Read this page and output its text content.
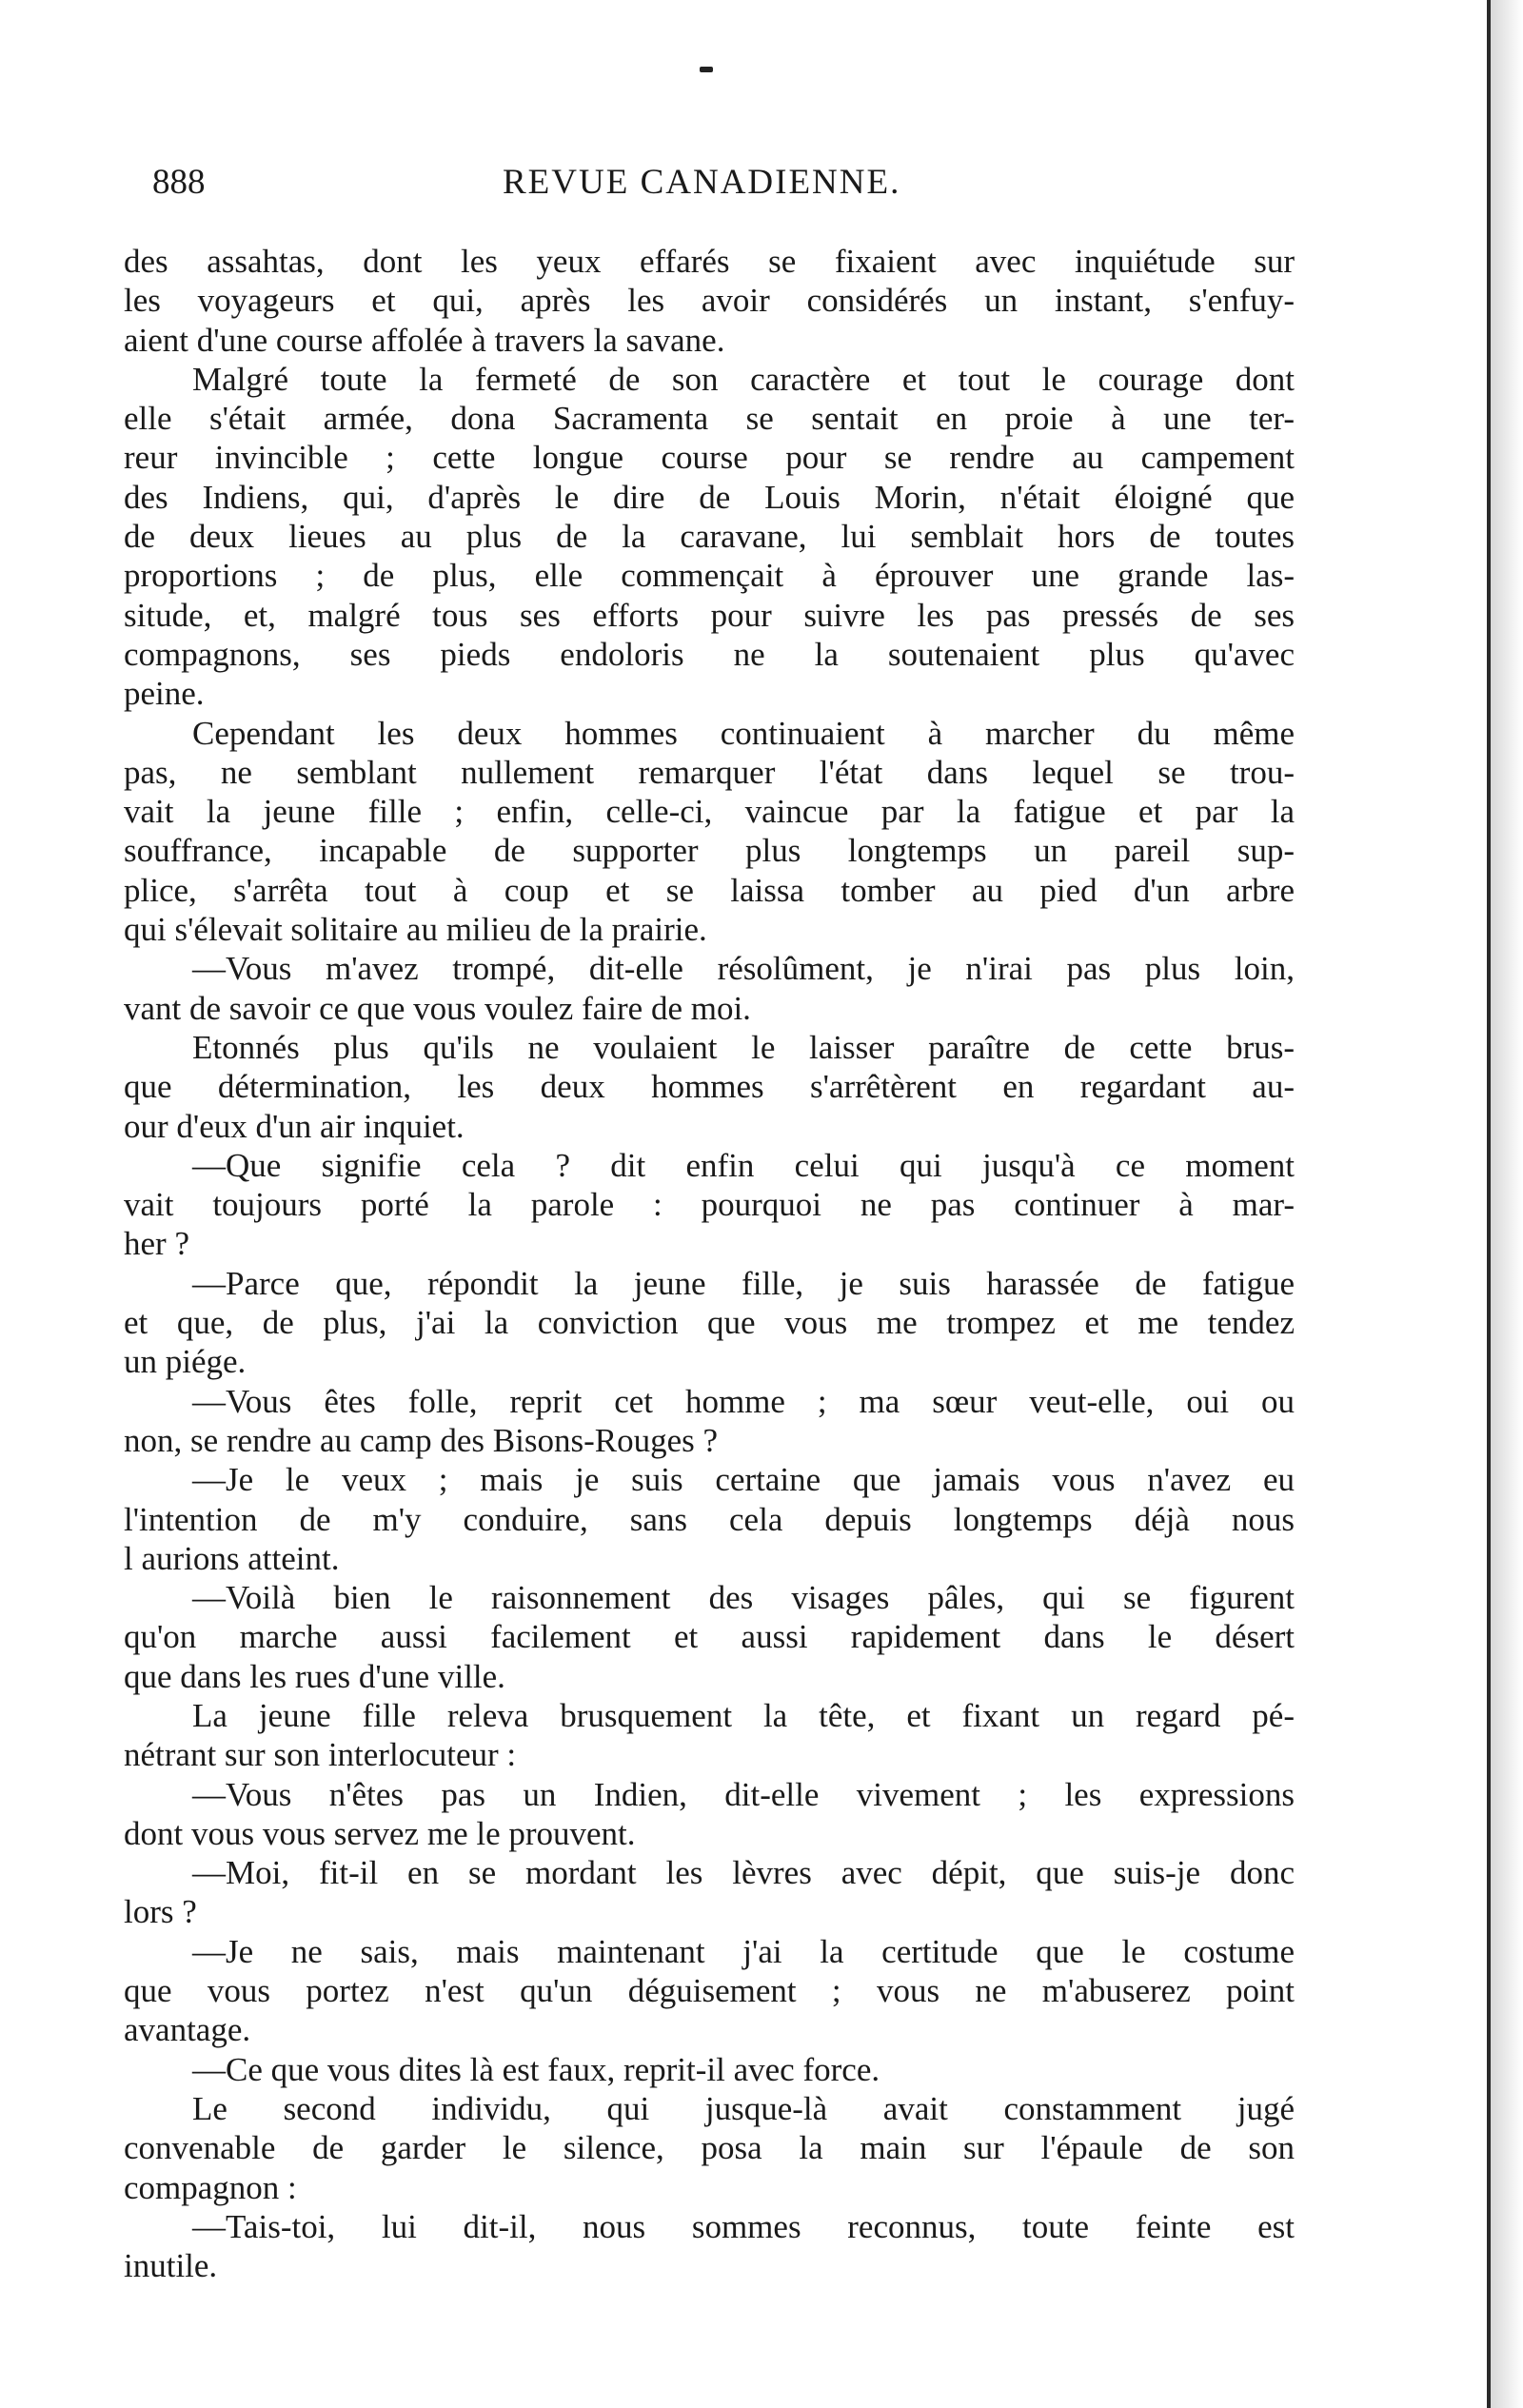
888	REVUE CANADIENNE.
des assahtas, dont les yeux effarés se fixaient avec inquiétude sur
les voyageurs et qui, après les avoir considérés un instant, s'enfuy-
aient d'une course affolée à travers la savane.
Malgré toute la fermeté de son caractère et tout le courage dont
elle s'était armée, dona Sacramenta se sentait en proie à une ter-
reur invincible ; cette longue course pour se rendre au campement
des Indiens, qui, d'après le dire de Louis Morin, n'était éloigné que
de deux lieues au plus de la caravane, lui semblait hors de toutes
proportions ; de plus, elle commençait à éprouver une grande las-
situde, et, malgré tous ses efforts pour suivre les pas pressés de ses
compagnons, ses pieds endoloris ne la soutenaient plus qu'avec
peine.
Cependant les deux hommes continuaient à marcher du même
pas, ne semblant nullement remarquer l'état dans lequel se trou-
vait la jeune fille ; enfin, celle-ci, vaincue par la fatigue et par la
souffrance, incapable de supporter plus longtemps un pareil sup-
plice, s'arrêta tout à coup et se laissa tomber au pied d'un arbre
qui s'élevait solitaire au milieu de la prairie.
—Vous m'avez trompé, dit-elle résolûment, je n'irai pas plus loin,
vant de savoir ce que vous voulez faire de moi.
Etonnés plus qu'ils ne voulaient le laisser paraître de cette brus-
que détermination, les deux hommes s'arrêtèrent en regardant au-
our d'eux d'un air inquiet.
—Que signifie cela ? dit enfin celui qui jusqu'à ce moment
vait toujours porté la parole : pourquoi ne pas continuer à mar-
her ?
—Parce que, répondit la jeune fille, je suis harassée de fatigue
et que, de plus, j'ai la conviction que vous me trompez et me tendez
un piége.
—Vous êtes folle, reprit cet homme ; ma sœur veut-elle, oui ou
non, se rendre au camp des Bisons-Rouges ?
—Je le veux ; mais je suis certaine que jamais vous n'avez eu
l'intention de m'y conduire, sans cela depuis longtemps déjà nous
l aurions atteint.
—Voilà bien le raisonnement des visages pâles, qui se figurent
qu'on marche aussi facilement et aussi rapidement dans le désert
que dans les rues d'une ville.
La jeune fille releva brusquement la tête, et fixant un regard pé-
nétrant sur son interlocuteur :
—Vous n'êtes pas un Indien, dit-elle vivement ; les expressions
dont vous vous servez me le prouvent.
—Moi, fit-il en se mordant les lèvres avec dépit, que suis-je donc
lors ?
—Je ne sais, mais maintenant j'ai la certitude que le costume
que vous portez n'est qu'un déguisement ; vous ne m'abuserez point
avantage.
—Ce que vous dites là est faux, reprit-il avec force.
Le second individu, qui jusque-là avait constamment jugé
convenable de garder le silence, posa la main sur l'épaule de son
compagnon :
—Tais-toi, lui dit-il, nous sommes reconnus, toute feinte est
inutile.
